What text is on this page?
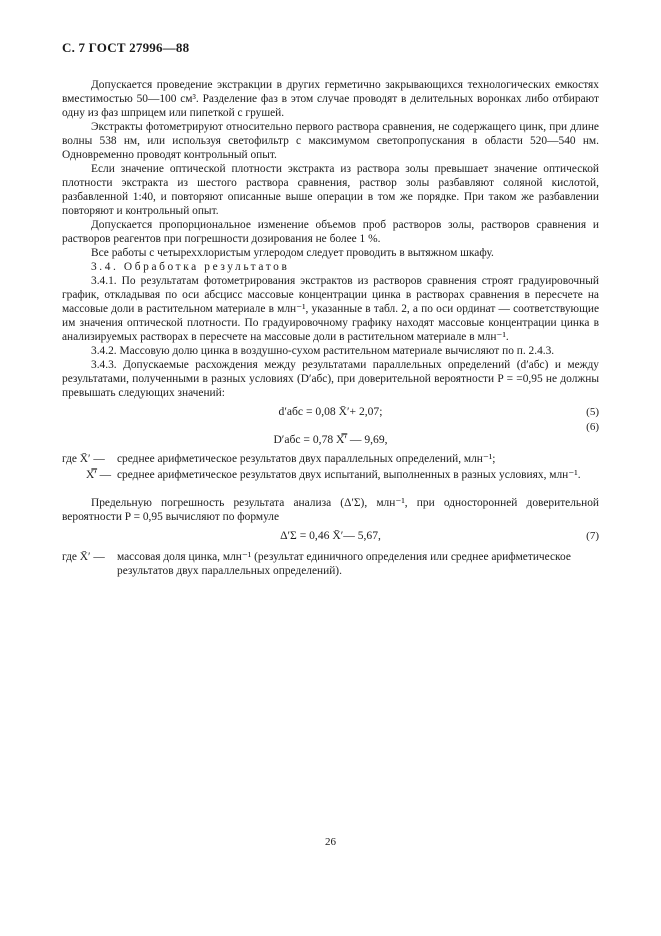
С. 7 ГОСТ 27996—88

Допускается проведение экстракции в других герметично закрывающихся технологических емкостях вместимостью 50—100 см³. Разделение фаз в этом случае проводят в делительных воронках либо отбирают одну из фаз шприцем или пипеткой с грушей.

Экстракты фотометрируют относительно первого раствора сравнения, не содержащего цинк, при длине волны 538 нм, или используя светофильтр с максимумом светопропускания в области 520—540 нм. Одновременно проводят контрольный опыт.

Если значение оптической плотности экстракта из раствора золы превышает значение оптической плотности экстракта из шестого раствора сравнения, раствор золы разбавляют соляной кислотой, разбавленной 1:40, и повторяют описанные выше операции в том же порядке. При таком же разбавлении повторяют и контрольный опыт.

Допускается пропорциональное изменение объемов проб растворов золы, растворов сравнения и растворов реагентов при погрешности дозирования не более 1 %.

Все работы с четыреххлористым углеродом следует проводить в вытяжном шкафу.

3.4. Обработка результатов

3.4.1. По результатам фотометрирования экстрактов из растворов сравнения строят градуировочный график, откладывая по оси абсцисс массовые концентрации цинка в растворах сравнения в пересчете на массовые доли в растительном материале в млн⁻¹, указанные в табл. 2, а по оси ординат — соответствующие им значения оптической плотности. По градуировочному графику находят массовые концентрации цинка в анализируемых растворах в пересчете на массовые доли в растительном материале в млн⁻¹.

3.4.2. Массовую долю цинка в воздушно-сухом растительном материале вычисляют по п. 2.4.3.

3.4.3. Допускаемые расхождения между результатами параллельных определений (d′абс) и между результатами, полученными в разных условиях (D′абс), при доверительной вероятности P = =0,95 не должны превышать следующих значений:

d′абс = 0,08 X̄′+ 2,07;	(5)
D′абс = 0,78 X̿′ — 9,69,
(6)
где X̄′ —	среднее арифметическое результатов двух параллельных определений, млн⁻¹;
X̿′ — среднее арифметическое результатов двух испытаний, выполненных в разных условиях, млн⁻¹.

Предельную погрешность результата анализа (Δ′Σ), млн⁻¹, при односторонней доверительной вероятности P = 0,95 вычисляют по формуле

Δ′Σ = 0,46 X̄′— 5,67,	(7)
где X̄′ —	массовая доля цинка, млн⁻¹ (результат единичного определения или среднее арифметическое результатов двух параллельных определений).
26
